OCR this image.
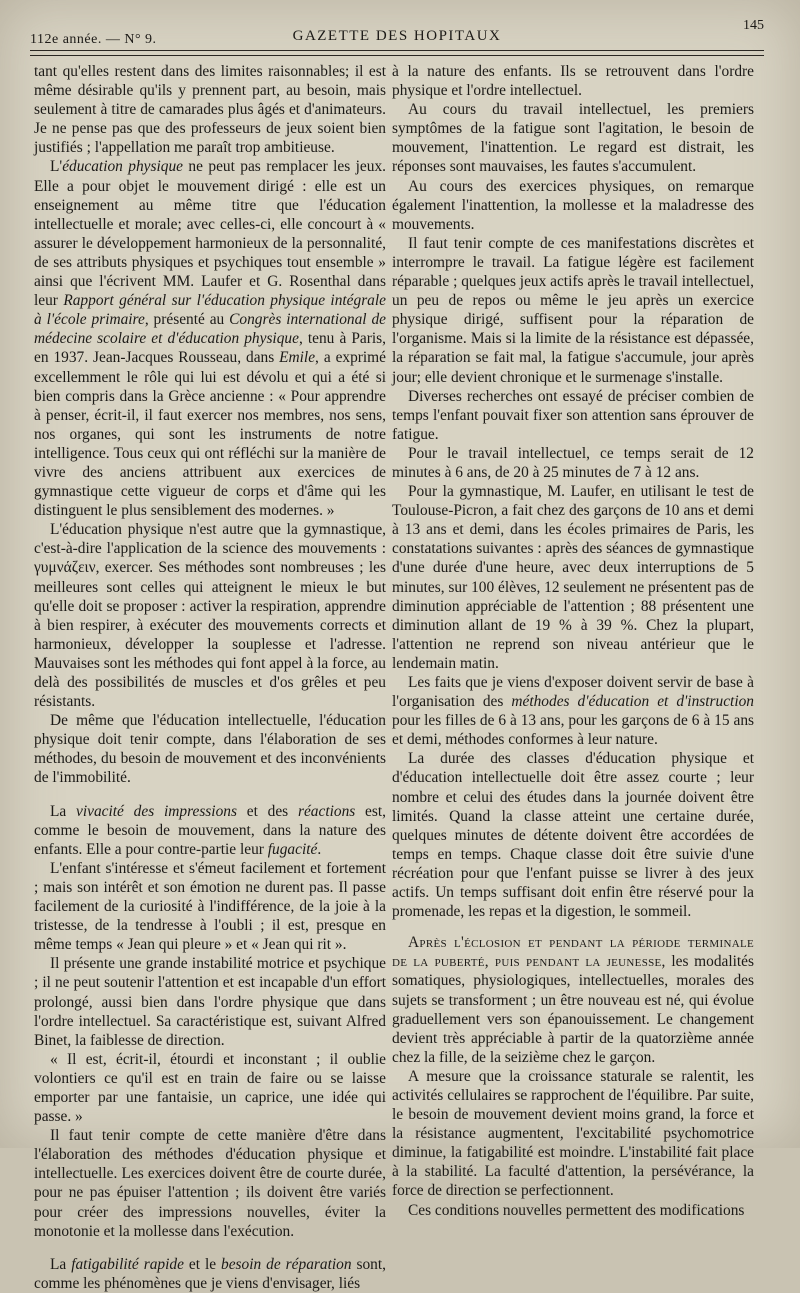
112e année. — N° 9.	GAZETTE DES HOPITAUX
145

tant qu'elles restent dans des limites raisonnables; il est même désirable qu'ils y prennent part, au besoin, mais seulement à titre de camarades plus âgés et d'animateurs. Je ne pense pas que des professeurs de jeux soient bien justifiés ; l'appellation me paraît trop ambitieuse.

L'éducation physique ne peut pas remplacer les jeux. Elle a pour objet le mouvement dirigé : elle est un enseignement au même titre que l'éducation intellectuelle et morale; avec celles-ci, elle concourt à « assurer le développement harmonieux de la personnalité, de ses attributs physiques et psychiques tout ensemble » ainsi que l'écrivent MM. Laufer et G. Rosenthal dans leur Rapport général sur l'éducation physique intégrale à l'école primaire, présenté au Congrès international de médecine scolaire et d'éducation physique, tenu à Paris, en 1937. Jean-Jacques Rousseau, dans Emile, a exprimé excellemment le rôle qui lui est dévolu et qui a été si bien compris dans la Grèce ancienne : « Pour apprendre à penser, écrit-il, il faut exercer nos membres, nos sens, nos organes, qui sont les instruments de notre intelligence. Tous ceux qui ont réfléchi sur la manière de vivre des anciens attribuent aux exercices de gymnastique cette vigueur de corps et d'âme qui les distinguent le plus sensiblement des modernes. »

L'éducation physique n'est autre que la gymnastique, c'est-à-dire l'application de la science des mouvements : γυμνάζειν, exercer. Ses méthodes sont nombreuses ; les meilleures sont celles qui atteignent le mieux le but qu'elle doit se proposer : activer la respiration, apprendre à bien respirer, à exécuter des mouvements corrects et harmonieux, développer la souplesse et l'adresse. Mauvaises sont les méthodes qui font appel à la force, au delà des possibilités de muscles et d'os grêles et peu résistants.

De même que l'éducation intellectuelle, l'éducation physique doit tenir compte, dans l'élaboration de ses méthodes, du besoin de mouvement et des inconvénients de l'immobilité.

La vivacité des impressions et des réactions est, comme le besoin de mouvement, dans la nature des enfants. Elle a pour contre-partie leur fugacité.

L'enfant s'intéresse et s'émeut facilement et fortement ; mais son intérêt et son émotion ne durent pas. Il passe facilement de la curiosité à l'indifférence, de la joie à la tristesse, de la tendresse à l'oubli ; il est, presque en même temps « Jean qui pleure » et « Jean qui rit ».

Il présente une grande instabilité motrice et psychique ; il ne peut soutenir l'attention et est incapable d'un effort prolongé, aussi bien dans l'ordre physique que dans l'ordre intellectuel. Sa caractéristique est, suivant Alfred Binet, la faiblesse de direction.

« Il est, écrit-il, étourdi et inconstant ; il oublie volontiers ce qu'il est en train de faire ou se laisse emporter par une fantaisie, un caprice, une idée qui passe. »

Il faut tenir compte de cette manière d'être dans l'élaboration des méthodes d'éducation physique et intellectuelle. Les exercices doivent être de courte durée, pour ne pas épuiser l'attention ; ils doivent être variés pour créer des impressions nouvelles, éviter la monotonie et la mollesse dans l'exécution.

La fatigabilité rapide et le besoin de réparation sont, comme les phénomènes que je viens d'envisager, liés

à la nature des enfants. Ils se retrouvent dans l'ordre physique et l'ordre intellectuel.

Au cours du travail intellectuel, les premiers symptômes de la fatigue sont l'agitation, le besoin de mouvement, l'inattention. Le regard est distrait, les réponses sont mauvaises, les fautes s'accumulent.

Au cours des exercices physiques, on remarque également l'inattention, la mollesse et la maladresse des mouvements.

Il faut tenir compte de ces manifestations discrètes et interrompre le travail. La fatigue légère est facilement réparable ; quelques jeux actifs après le travail intellectuel, un peu de repos ou même le jeu après un exercice physique dirigé, suffisent pour la réparation de l'organisme. Mais si la limite de la résistance est dépassée, la réparation se fait mal, la fatigue s'accumule, jour après jour; elle devient chronique et le surmenage s'installe.

Diverses recherches ont essayé de préciser combien de temps l'enfant pouvait fixer son attention sans éprouver de fatigue.

Pour le travail intellectuel, ce temps serait de 12 minutes à 6 ans, de 20 à 25 minutes de 7 à 12 ans.

Pour la gymnastique, M. Laufer, en utilisant le test de Toulouse-Picron, a fait chez des garçons de 10 ans et demi à 13 ans et demi, dans les écoles primaires de Paris, les constatations suivantes : après des séances de gymnastique d'une durée d'une heure, avec deux interruptions de 5 minutes, sur 100 élèves, 12 seulement ne présentent pas de diminution appréciable de l'attention ; 88 présentent une diminution allant de 19 % à 39 %. Chez la plupart, l'attention ne reprend son niveau antérieur que le lendemain matin.

Les faits que je viens d'exposer doivent servir de base à l'organisation des méthodes d'éducation et d'instruction pour les filles de 6 à 13 ans, pour les garçons de 6 à 15 ans et demi, méthodes conformes à leur nature.

La durée des classes d'éducation physique et d'éducation intellectuelle doit être assez courte ; leur nombre et celui des études dans la journée doivent être limités. Quand la classe atteint une certaine durée, quelques minutes de détente doivent être accordées de temps en temps. Chaque classe doit être suivie d'une récréation pour que l'enfant puisse se livrer à des jeux actifs. Un temps suffisant doit enfin être réservé pour la promenade, les repas et la digestion, le sommeil.

Après l'éclosion et pendant la période terminale de la puberté, puis pendant la jeunesse, les modalités somatiques, physiologiques, intellectuelles, morales des sujets se transforment ; un être nouveau est né, qui évolue graduellement vers son épanouissement. Le changement devient très appréciable à partir de la quatorzième année chez la fille, de la seizième chez le garçon.

A mesure que la croissance staturale se ralentit, les activités cellulaires se rapprochent de l'équilibre. Par suite, le besoin de mouvement devient moins grand, la force et la résistance augmentent, l'excitabilité psychomotrice diminue, la fatigabilité est moindre. L'instabilité fait place à la stabilité. La faculté d'attention, la persévérance, la force de direction se perfectionnent.

Ces conditions nouvelles permettent des modifications
